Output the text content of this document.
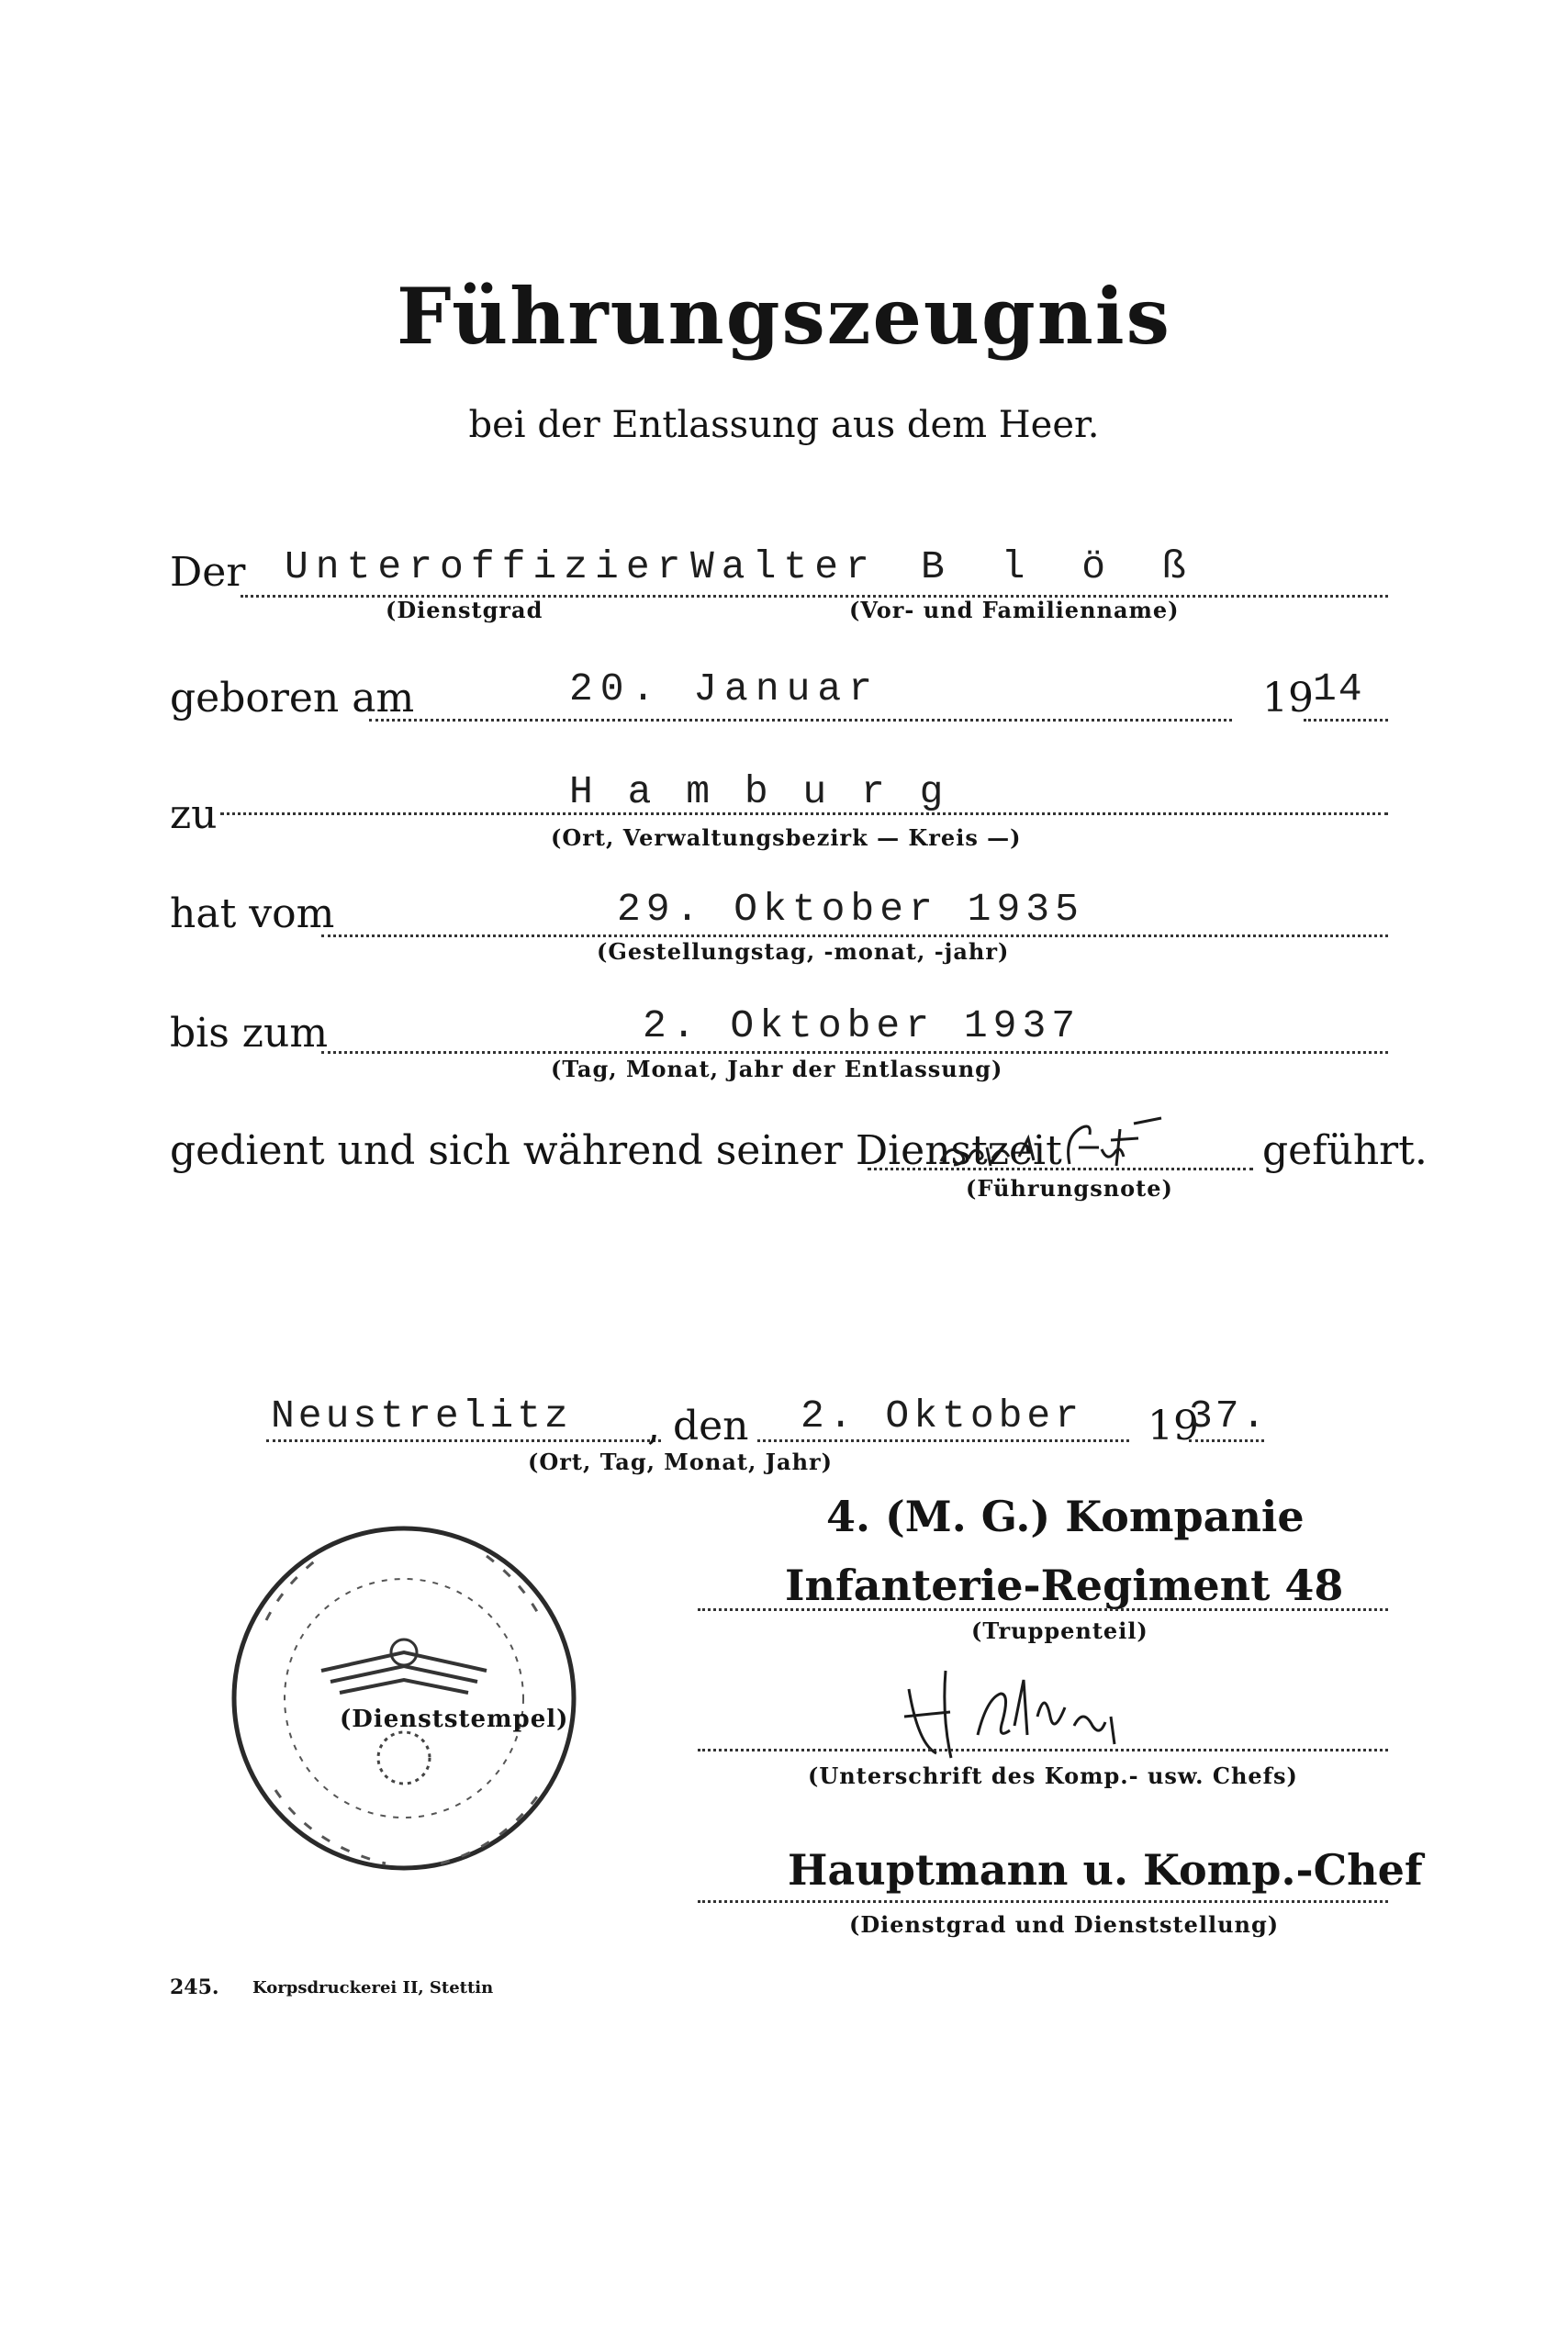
Führungszeugnis
bei der Entlassung aus dem Heer.
Der Unteroffizier Walter B l ö ß
(Dienstgrad	(Vor- und Familienname)
geboren am	20. Januar	19 14
zu	H a m b u r g
(Ort, Verwaltungsbezirk — Kreis —)
hat vom	29. Oktober 1935
(Gestellungstag, -monat, -jahr)
bis zum	2. Oktober 1937
(Tag, Monat, Jahr der Entlassung)
gedient und sich während seiner Dienstzeit	geführt.
(Führungsnote)
Neustrelitz , den 2. Oktober 19
37.
(Ort, Tag, Monat, Jahr)
4. (M. G.) Kompanie
Infanterie-Regiment 48
(Truppenteil)
(Dienststempel)
(Unterschrift des Komp.- usw. Chefs)
Hauptmann u. Komp.-Chef
(Dienstgrad und Dienststellung)
245. Korpsdruckerei II, Stettin
